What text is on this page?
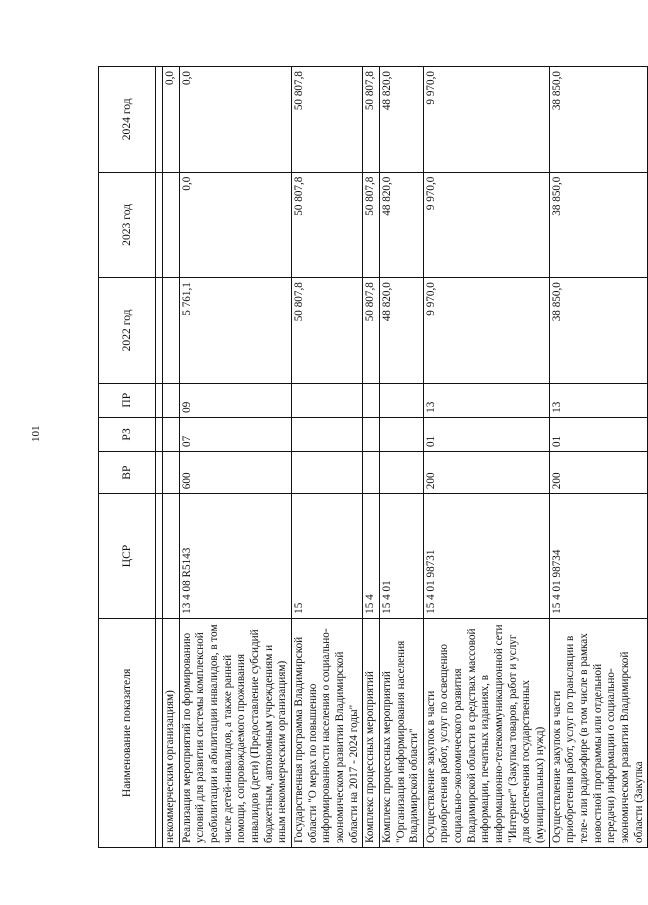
101
Наименование показателя	ЦСР	ВР	РЗ	ПР	2022 год	2023 год	2024 год

некоммерческим организациям)							0,0
Реализация мероприятий по формированию условий для развития системы комплексной реабилитации и абилитации инвалидов, в том числе детей-инвалидов, а также ранней помощи, сопровождаемого проживания инвалидов (дети) (Предоставление субсидий бюджетным, автономным учреждениям и иным некоммерческим организациям)	13 4 08 R5143	600	07	09	5 761,1	0,0	0,0
Государственная программа Владимирской области "О мерах по повышению информированности населения о социально-экономическом развитии Владимирской области на 2017 - 2024 годы"	15				50 807,8	50 807,8	50 807,8
Комплекс процессных мероприятий	15 4				50 807,8	50 807,8	50 807,8
Комплекс процессных мероприятий "Организация информирования населения Владимирской области"	15 4 01				48 820,0	48 820,0	48 820,0
Осуществление закупок в части приобретения работ, услуг по освещению социально-экономического развития Владимирской области в средствах массовой информации, печатных изданиях, в информационно-телекоммуникационной сети "Интернет" (Закупка товаров, работ и услуг для обеспечения государственных (муниципальных) нужд)	15 4 01 98731	200	01	13	9 970,0	9 970,0	9 970,0
Осуществление закупок в части приобретения работ, услуг по трансляции в теле- или радиоэфире (в том числе в рамках новостной программы или отдельной передачи) информации о социально-экономическом развитии Владимирской области (Закупка	15 4 01 98734	200	01	13	38 850,0	38 850,0	38 850,0
